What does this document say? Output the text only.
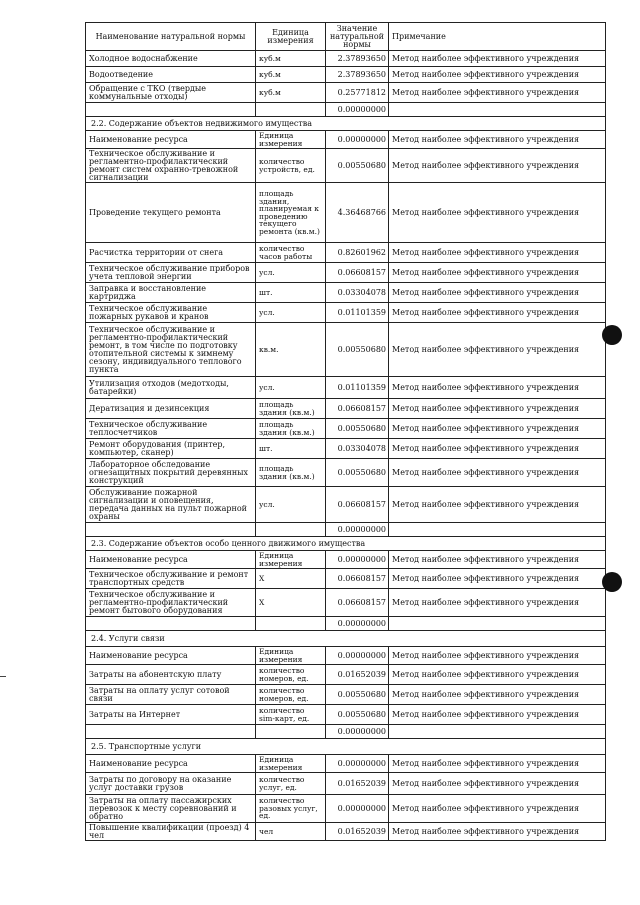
Наименование натуральной нормы	Единица измерения	Значение натуральной нормы	Примечание
Холодное водоснабжение	куб.м	2.37893650	Метод наиболее эффективного учреждения
Водоотведение	куб.м	2.37893650	Метод наиболее эффективного учреждения
Обращение с ТКО (твердые коммунальные отходы)	куб.м	0.25771812	Метод наиболее эффективного учреждения
		0.00000000	
2.2. Содержание объектов недвижимого имущества			
Наименование ресурса	Единица измерения	0.00000000	Метод наиболее эффективного учреждения
Техническое обслуживание и регламентно-профилактический ремонт систем охранно-тревожной сигнализации	количество устройств, ед.	0.00550680	Метод наиболее эффективного учреждения
Проведение текущего ремонта	площадь здания, планируемая к проведению текущего ремонта (кв.м.)	4.36468766	Метод наиболее эффективного учреждения
Расчистка территории от снега	количество часов работы	0.82601962	Метод наиболее эффективного учреждения
Техническое обслуживание приборов учета тепловой энергии	усл.	0.06608157	Метод наиболее эффективного учреждения
Заправка и восстановление картриджа	шт.	0.03304078	Метод наиболее эффективного учреждения
Техническое обслуживание пожарных рукавов и кранов	усл.	0.01101359	Метод наиболее эффективного учреждения
Техническое обслуживание и регламентно-профилактический ремонт, в том числе по подготовку отопительной системы к зимнему сезону, индивидуального теплового пункта	кв.м.	0.00550680	Метод наиболее эффективного учреждения
Утилизация отходов (медотходы, батарейки)	усл.	0.01101359	Метод наиболее эффективного учреждения
Дератизация и дезинсекция	площадь здания (кв.м.)	0.06608157	Метод наиболее эффективного учреждения
Техническое обслуживание теплосчетчиков	площадь здания (кв.м.)	0.00550680	Метод наиболее эффективного учреждения
Ремонт оборудования (принтер, компьютер, сканер)	шт.	0.03304078	Метод наиболее эффективного учреждения
Лабораторное обследование огнезащитных покрытий деревянных конструкций	площадь здания (кв.м.)	0.00550680	Метод наиболее эффективного учреждения
Обслуживание пожарной сигнализации и оповещения, передача данных на пульт пожарной охраны	усл.	0.06608157	Метод наиболее эффективного учреждения
		0.00000000	
2.3. Содержание объектов особо ценного движимого имущества			
Наименование ресурса	Единица измерения	0.00000000	Метод наиболее эффективного учреждения
Техническое обслуживание и ремонт транспортных средств	Х	0.06608157	Метод наиболее эффективного учреждения
Техническое обслуживание и регламентно-профилактический ремонт бытового оборудования	Х	0.06608157	Метод наиболее эффективного учреждения
		0.00000000	
2.4. Услуги связи			
Наименование ресурса	Единица измерения	0.00000000	Метод наиболее эффективного учреждения
Затраты на абонентскую плату	количество номеров, ед.	0.01652039	Метод наиболее эффективного учреждения
Затраты на оплату услуг сотовой связи	количество номеров, ед.	0.00550680	Метод наиболее эффективного учреждения
Затраты на Интернет	количество sim-карт, ед.	0.00550680	Метод наиболее эффективного учреждения
		0.00000000	
2.5. Транспортные услуги			
Наименование ресурса	Единица измерения	0.00000000	Метод наиболее эффективного учреждения
Затраты по договору на оказание услуг доставки грузов	количество услуг, ед.	0.01652039	Метод наиболее эффективного учреждения
Затраты на оплату пассажирских перевозок к месту соревнований и обратно	количество разовых услуг, ед.	0.00000000	Метод наиболее эффективного учреждения
Повышение квалификации (проезд) 4 чел	чел	0.01652039	Метод наиболее эффективного учреждения
